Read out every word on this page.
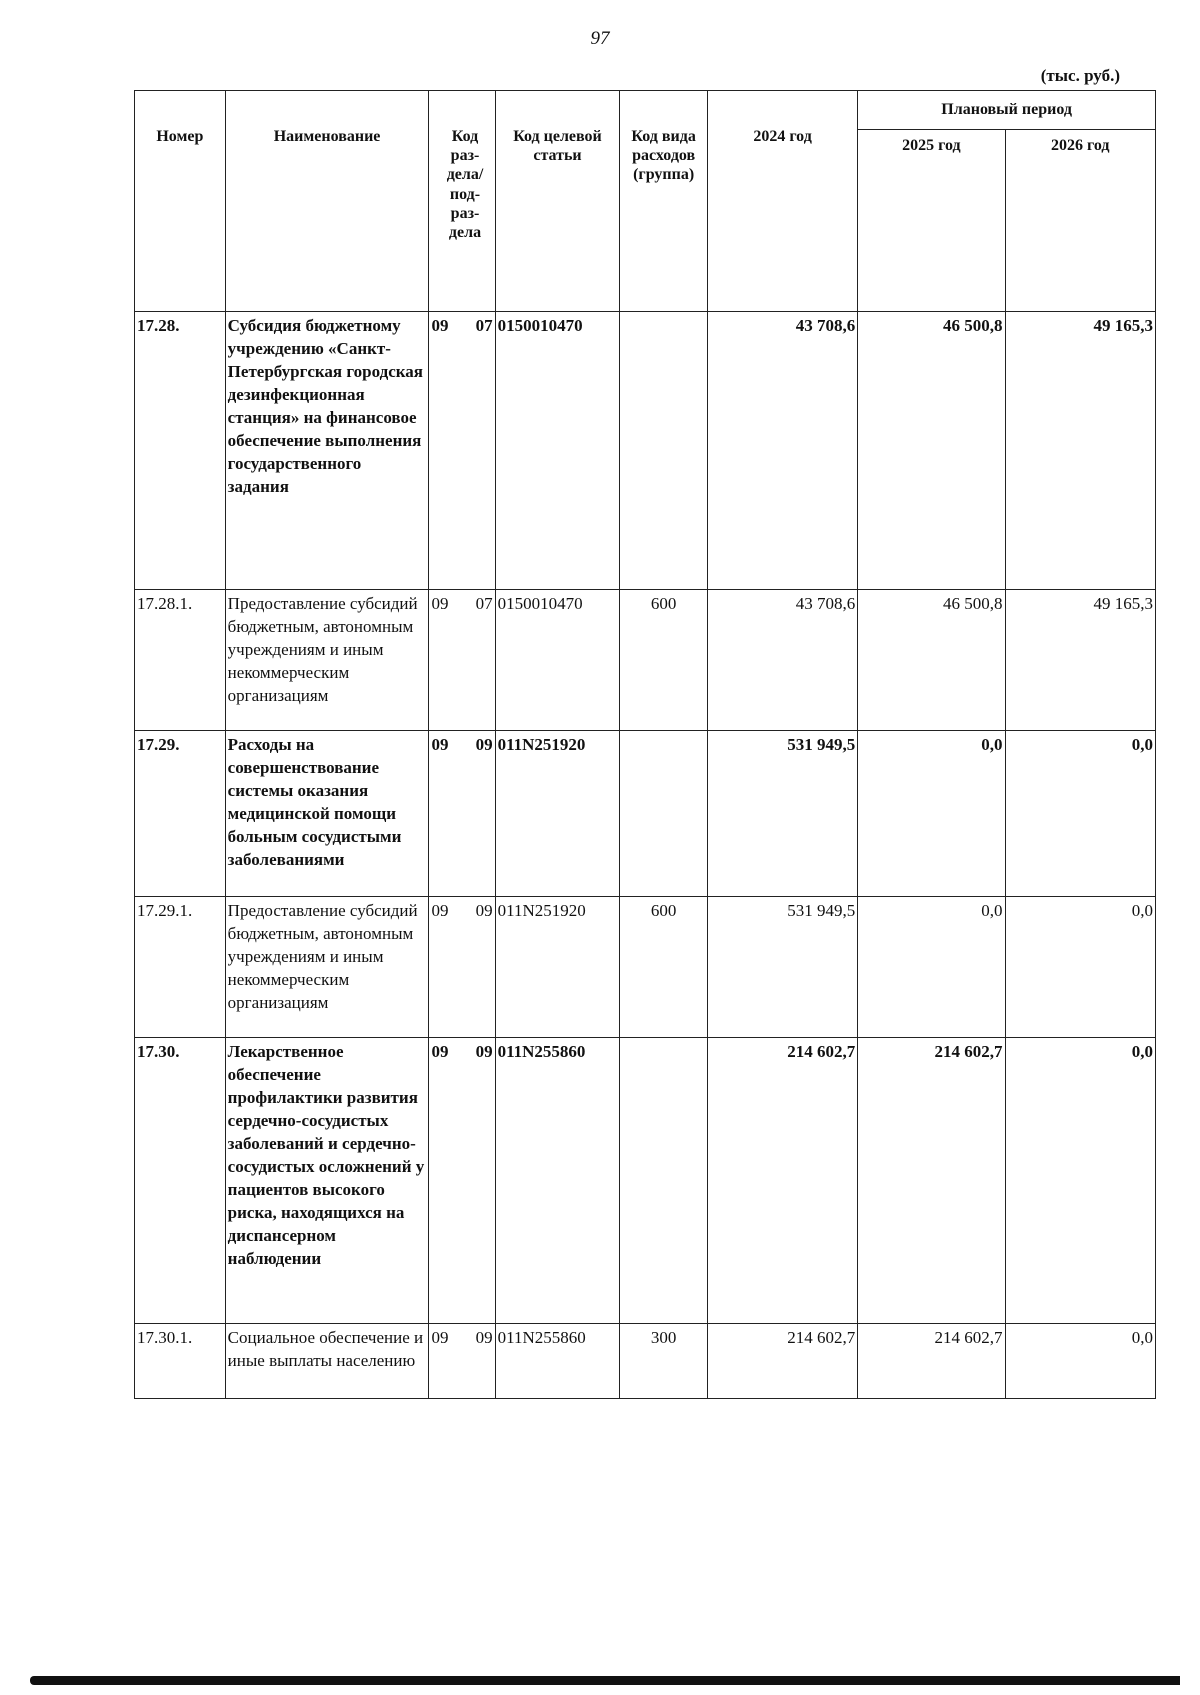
97
(тыс. руб.)
Номер	Наименование	Код раз- дела/ под- раз- дела	Код целевой статьи	Код вида расходов (группа)	2024 год	Плановый период	
						2025 год	2026 год
17.28.	Субсидия бюджетному учреждению «Санкт-Петербургская городская дезинфекционная станция» на финансовое обеспечение выполнения государственного задания	09 07	0150010470		43 708,6	46 500,8	49 165,3
17.28.1.	Предоставление субсидий бюджетным, автономным учреждениям и иным некоммерческим организациям	09 07	0150010470	600	43 708,6	46 500,8	49 165,3
17.29.	Расходы на совершенствование системы оказания медицинской помощи больным сосудистыми заболеваниями	09 09	011N251920		531 949,5	0,0	0,0
17.29.1.	Предоставление субсидий бюджетным, автономным учреждениям и иным некоммерческим организациям	09 09	011N251920	600	531 949,5	0,0	0,0
17.30.	Лекарственное обеспечение профилактики развития сердечно-сосудистых заболеваний и сердечно-сосудистых осложнений у пациентов высокого риска, находящихся на диспансерном наблюдении	09 09	011N255860		214 602,7	214 602,7	0,0
17.30.1.	Социальное обеспечение и иные выплаты населению	09 09	011N255860	300	214 602,7	214 602,7	0,0
